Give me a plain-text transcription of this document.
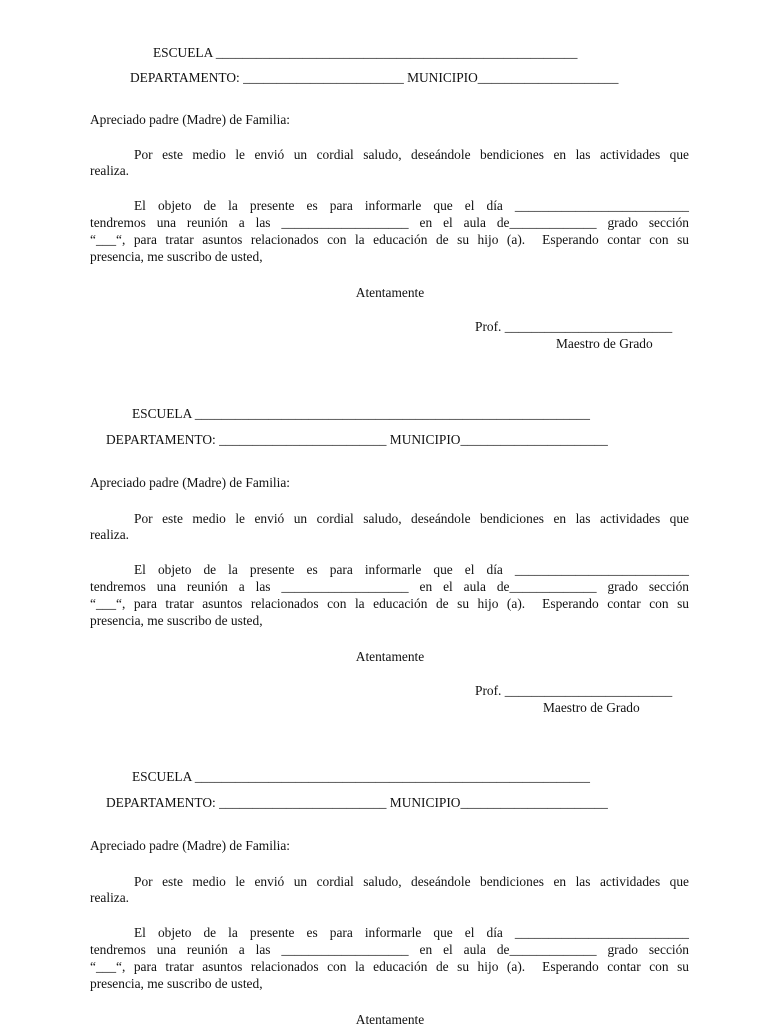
ESCUELA ______________________________________________________
DEPARTAMENTO: ________________________ MUNICIPIO_____________________
Apreciado padre (Madre) de Familia:
Por este medio le envió un cordial saludo, deseándole bendiciones en las actividades que
realiza.
El objeto de la presente es para informarle que el día __________________________
tendremos una reunión a las ___________________ en el aula de_____________ grado sección
“___“, para tratar asuntos relacionados con la educación de su hijo (a).  Esperando contar con su
presencia, me suscribo de usted,
Atentamente
Prof. _________________________
Maestro de Grado
ESCUELA ___________________________________________________________
DEPARTAMENTO: _________________________ MUNICIPIO______________________
Apreciado padre (Madre) de Familia:
Por este medio le envió un cordial saludo, deseándole bendiciones en las actividades que
realiza.
El objeto de la presente es para informarle que el día __________________________
tendremos una reunión a las ___________________ en el aula de_____________ grado sección
“___“, para tratar asuntos relacionados con la educación de su hijo (a).  Esperando contar con su
presencia, me suscribo de usted,
Atentamente
Prof. _________________________
Maestro de Grado
ESCUELA ___________________________________________________________
DEPARTAMENTO: _________________________ MUNICIPIO______________________
Apreciado padre (Madre) de Familia:
Por este medio le envió un cordial saludo, deseándole bendiciones en las actividades que
realiza.
El objeto de la presente es para informarle que el día __________________________
tendremos una reunión a las ___________________ en el aula de_____________ grado sección
“___“, para tratar asuntos relacionados con la educación de su hijo (a).  Esperando contar con su
presencia, me suscribo de usted,
Atentamente
